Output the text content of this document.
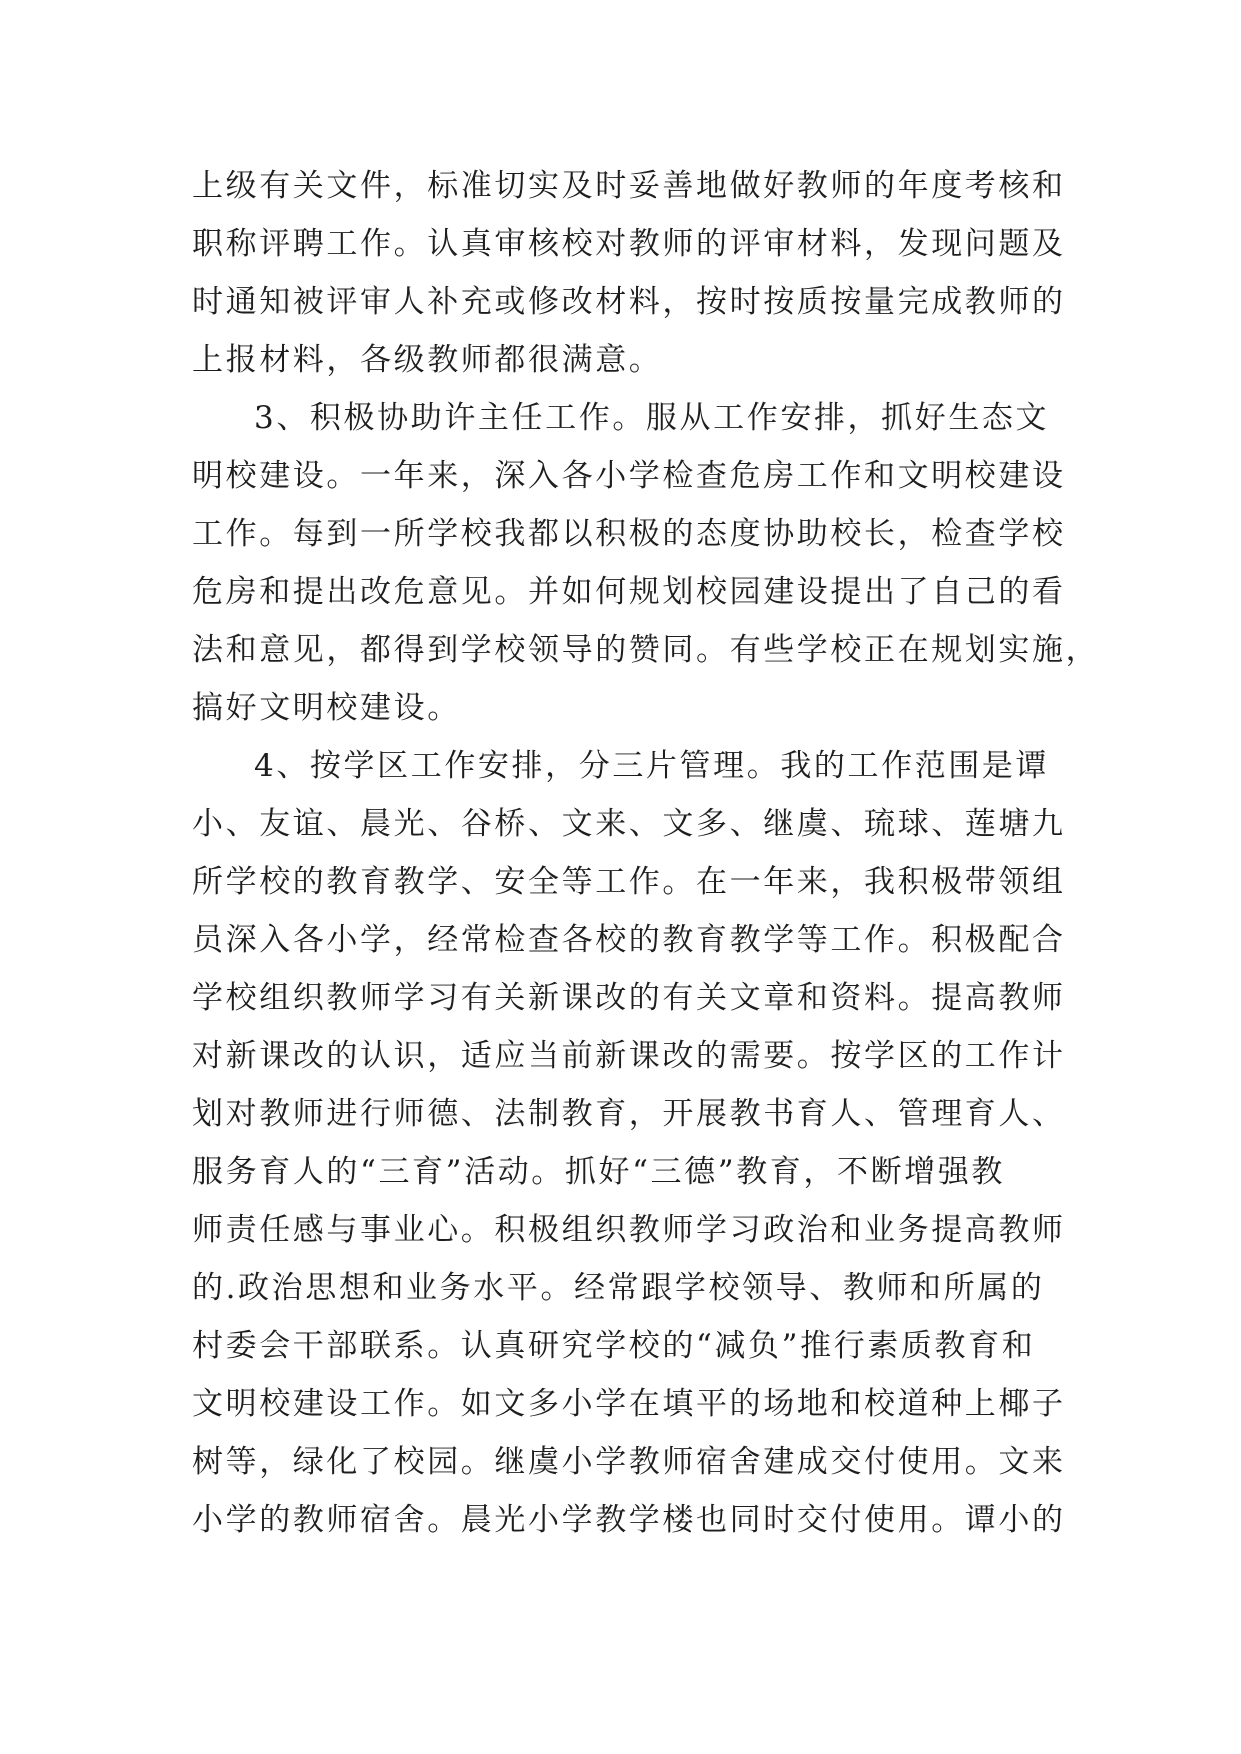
上级有关文件，标准切实及时妥善地做好教师的年度考核和
职称评聘工作。认真审核校对教师的评审材料，发现问题及
时通知被评审人补充或修改材料，按时按质按量完成教师的
上报材料，各级教师都很满意。
3、积极协助许主任工作。服从工作安排，抓好生态文
明校建设。一年来，深入各小学检查危房工作和文明校建设
工作。每到一所学校我都以积极的态度协助校长，检查学校
危房和提出改危意见。并如何规划校园建设提出了自己的看
法和意见，都得到学校领导的赞同。有些学校正在规划实施，
搞好文明校建设。
4、按学区工作安排，分三片管理。我的工作范围是谭
小、友谊、晨光、谷桥、文来、文多、继虞、琉球、莲塘九
所学校的教育教学、安全等工作。在一年来，我积极带领组
员深入各小学，经常检查各校的教育教学等工作。积极配合
学校组织教师学习有关新课改的有关文章和资料。提高教师
对新课改的认识，适应当前新课改的需要。按学区的工作计
划对教师进行师德、法制教育，开展教书育人、管理育人、
服务育人的“三育”活动。抓好“三德”教育，不断增强教
师责任感与事业心。积极组织教师学习政治和业务提高教师
的.政治思想和业务水平。经常跟学校领导、教师和所属的
村委会干部联系。认真研究学校的“减负”推行素质教育和
文明校建设工作。如文多小学在填平的场地和校道种上椰子
树等，绿化了校园。继虞小学教师宿舍建成交付使用。文来
小学的教师宿舍。晨光小学教学楼也同时交付使用。谭小的
